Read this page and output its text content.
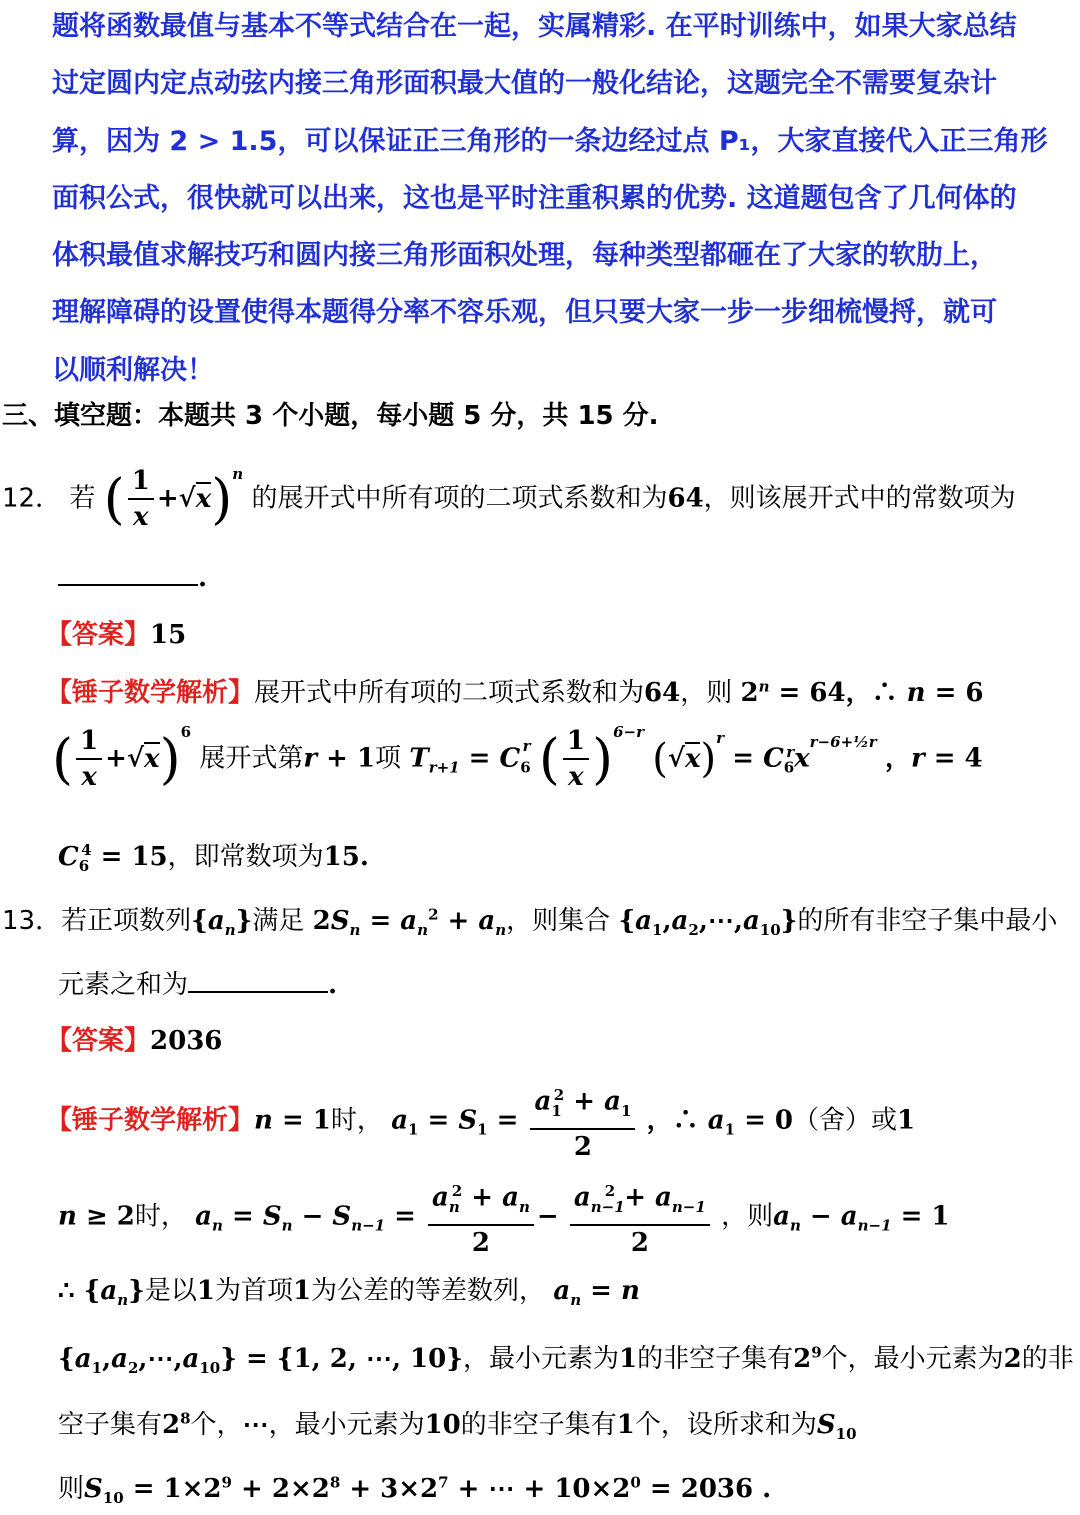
题将函数最值与基本不等式结合在一起，实属精彩. 在平时训练中，如果大家总结

过定圆内定点动弦内接三角形面积最大值的一般化结论，这题完全不需要复杂计

算，因为 2 > 1.5，可以保证正三角形的一条边经过点 P₁，大家直接代入正三角形

面积公式，很快就可以出来，这也是平时注重积累的优势. 这道题包含了几何体的

体积最值求解技巧和圆内接三角形面积处理，每种类型都砸在了大家的软肋上，

理解障碍的设置使得本题得分率不容乐观，但只要大家一步一步细梳慢捋，就可

以顺利解决！

三、填空题：本题共 3 个小题，每小题 5 分，共 15 分.
12． 若 ( $\frac{1}{x} +√x)^n$ 的展开式中所有项的二项式系数和为64，则该展开式中的常数项为
.
【答案】15
【锤子数学解析】展开式中所有项的二项式系数和为64，则 $2^n = 64$，∴ n = 6
( $\frac{1}{x} +√x)^6$ 展开式第r + 1项 $T_{r+1} = C_6^r$ ( $\frac{1}{x} )^{6-r}$ $(√x)^r = C_6^rx^{r-6+\frac{1}{2}r}$ ，r = 4
$C_6^4 = 15$，即常数项为15.
13．若正项数列$\{a_n\}$满足 $2S_n = a_n^2 + a_n$，则集合 $\{a_1,a_2,\cdots,a_{10}\}$的所有非空子集中最小
元素之和为	.
【答案】2036
【锤子数学解析】n = 1时， $a_1 = S_1 = \frac{a_1^2 + a_1}{2}$ ，∴ $a_1 = 0$（舍）或1
n ≥ 2时， $a_n = S_n - S_{n-1} = \frac{a_n^2 + a_n}{2} - \frac{a_{n-1}^2 + a_{n-1}}{2}$ ，则$a_n - a_{n-1} = 1$
∴ $\{a_n\}$是以1为首项1为公差的等差数列， $a_n = n$
$\{a_1,a_2,\cdots,a_{10}\} = \{1$, 2, ⋯, 10}，最小元素为1的非空子集有$2^9$个，最小元素为2的非
空子集有$2^8$个，⋯，最小元素为10的非空子集有1个，设所求和为$S_{10}$
则$S_{10} = 1\times 2^9 + 2\times 2^8 + 3\times 2^7$ + ⋯ + $10\times 2^0 = 2036$ .
